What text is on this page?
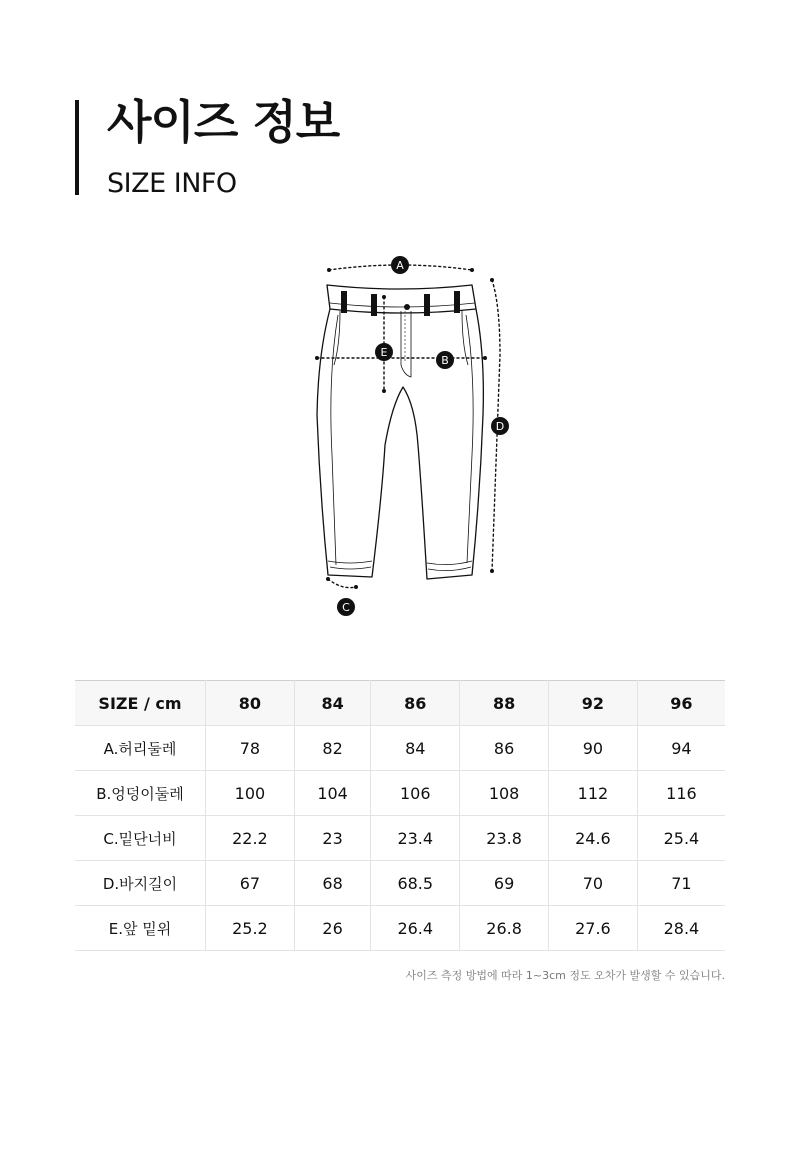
사이즈 정보
SIZE INFO
A
B
C
D
E
SIZE / cm	80	84	86	88	92	96
A.허리둘레	78	82	84	86	90	94
B.엉덩이둘레	100	104	106	108	112	116
C.밑단너비	22.2	23	23.4	23.8	24.6	25.4
D.바지길이	67	68	68.5	69	70	71
E.앞 밑위	25.2	26	26.4	26.8	27.6	28.4

사이즈 측정 방법에 따라 1~3cm 정도 오차가 발생할 수 있습니다.
